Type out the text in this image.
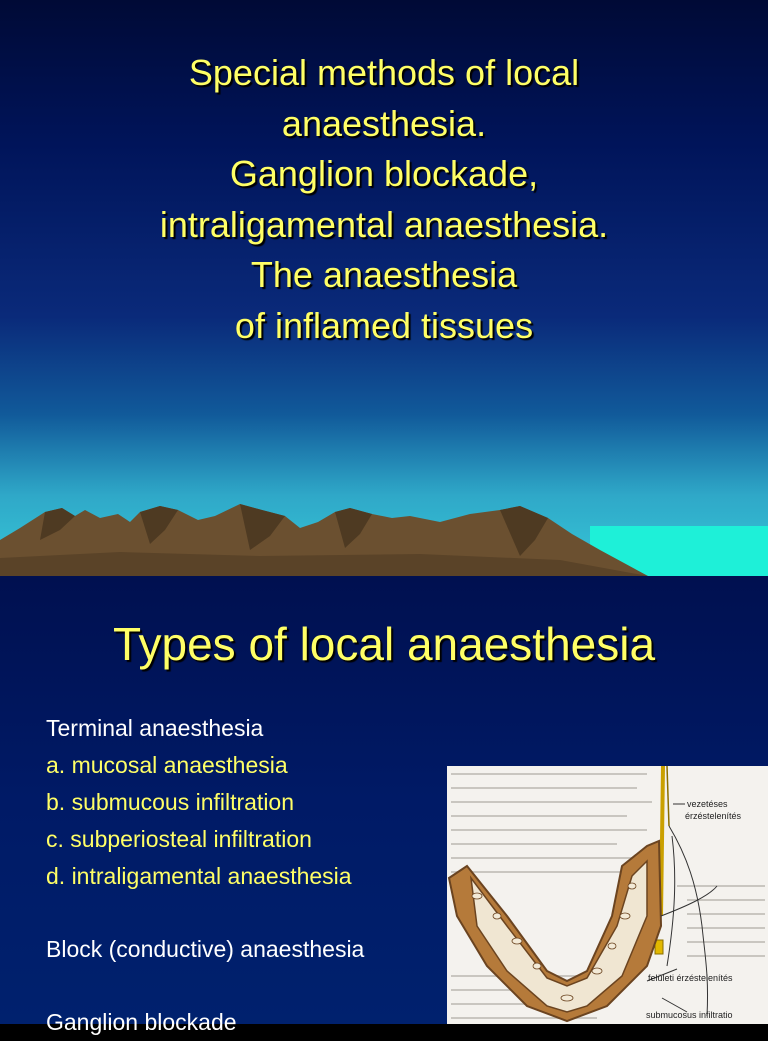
Special methods of local
anaesthesia.
Ganglion blockade,
intraligamental anaesthesia.
The anaesthesia
of inflamed tissues
Types of local anaesthesia
Terminal anaesthesia
a. mucosal anaesthesia
b. submucous infiltration
c. subperiosteal infiltration
d. intraligamental anaesthesia
Block (conductive) anaesthesia
Ganglion blockade
vezetéses
érzéstelenítés
felületi érzéstelenítés
submucosus infiltratio
